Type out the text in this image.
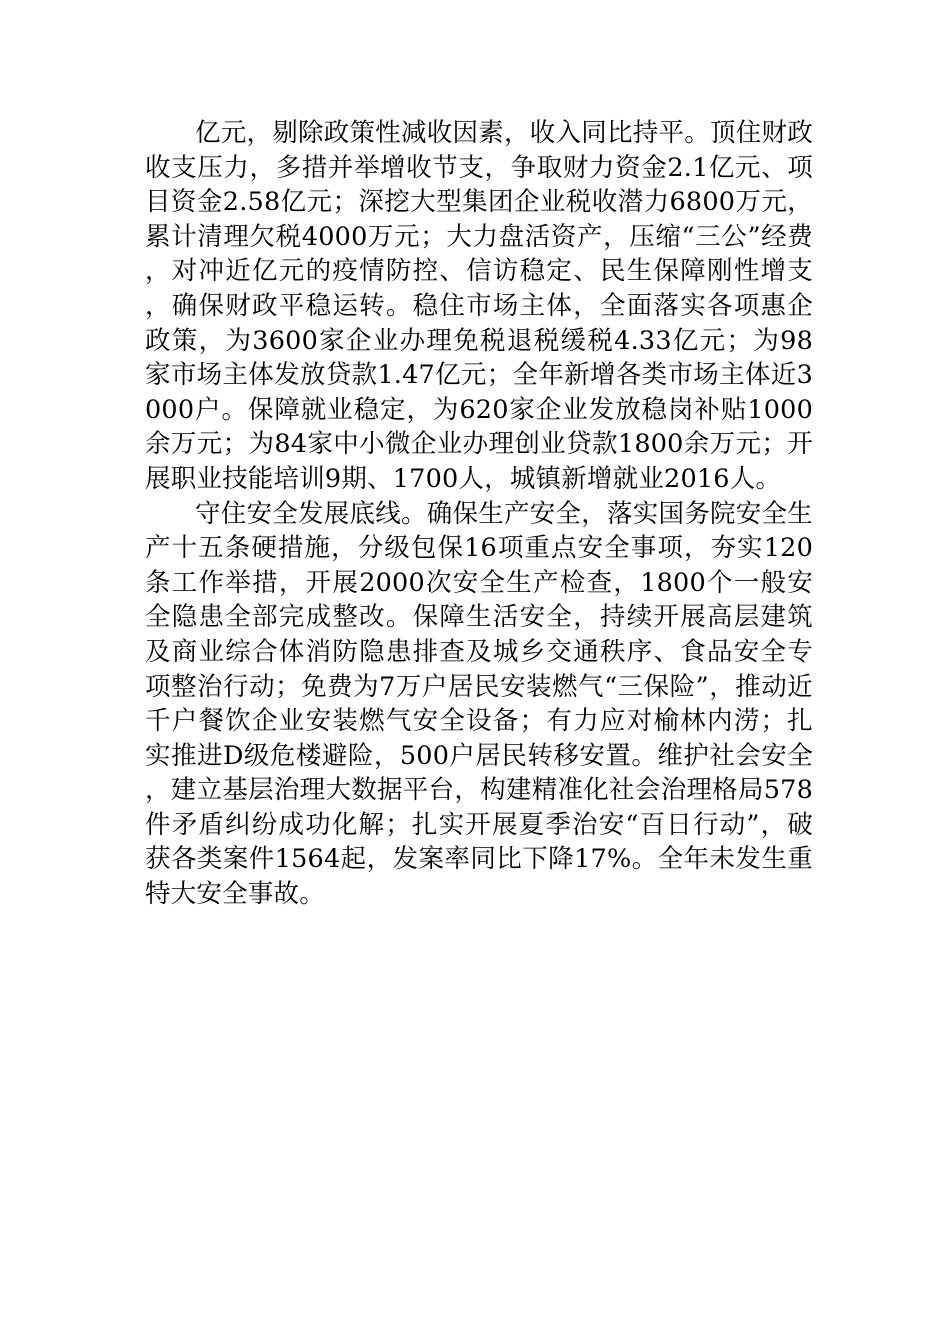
亿元，剔除政策性减收因素，收入同比持平。顶住财政收支压力，多措并举增收节支，争取财力资金2.1亿元、项目资金2.58亿元；深挖大型集团企业税收潜力6800万元，累计清理欠税4000万元；大力盘活资产，压缩“三公”经费，对冲近亿元的疫情防控、信访稳定、民生保障刚性增支，确保财政平稳运转。稳住市场主体，全面落实各项惠企政策，为3600家企业办理免税退税缓税4.33亿元；为98家市场主体发放贷款1.47亿元；全年新增各类市场主体近3000户。保障就业稳定，为620家企业发放稳岗补贴1000余万元；为84家中小微企业办理创业贷款1800余万元；开展职业技能培训9期、1700人，城镇新增就业2016人。

守住安全发展底线。确保生产安全，落实国务院安全生产十五条硬措施，分级包保16项重点安全事项，夯实120条工作举措，开展2000次安全生产检查，1800个一般安全隐患全部完成整改。保障生活安全，持续开展高层建筑及商业综合体消防隐患排查及城乡交通秩序、食品安全专项整治行动；免费为7万户居民安装燃气“三保险”，推动近千户餐饮企业安装燃气安全设备；有力应对榆林内涝；扎实推进D级危楼避险，500户居民转移安置。维护社会安全，建立基层治理大数据平台，构建精准化社会治理格局578件矛盾纠纷成功化解；扎实开展夏季治安“百日行动”，破获各类案件1564起，发案率同比下降17%。全年未发生重特大安全事故。
